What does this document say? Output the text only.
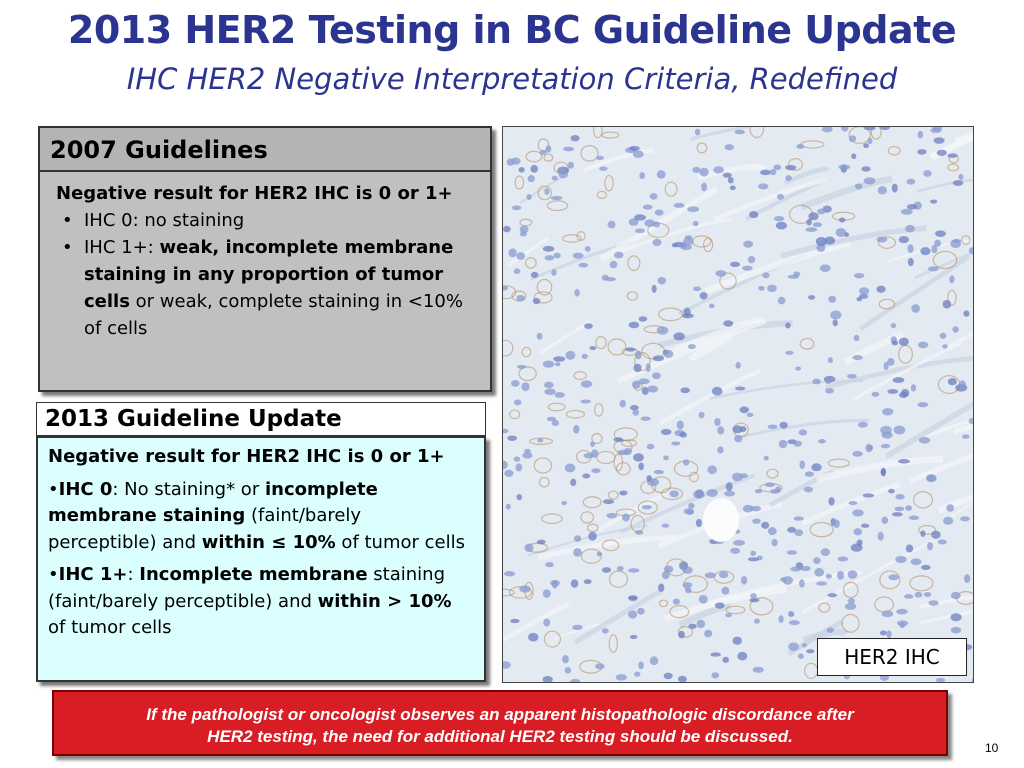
2013 HER2 Testing in BC Guideline Update
IHC HER2 Negative Interpretation Criteria, Redefined
2007 Guidelines
Negative result for HER2 IHC is 0 or 1+
• IHC 0: no staining
• IHC 1+: weak, incomplete membrane staining in any proportion of tumor cells or weak, complete staining in <10% of cells
2013 Guideline Update
Negative result for HER2 IHC is 0 or 1+
•IHC 0: No staining* or incomplete membrane staining (faint/barely perceptible) and within ≤ 10% of tumor cells
•IHC 1+: Incomplete membrane staining (faint/barely perceptible) and within > 10% of tumor cells
HER2 IHC
If the pathologist or oncologist observes an apparent histopathologic discordance after
HER2 testing, the need for additional HER2 testing should be discussed.
10
